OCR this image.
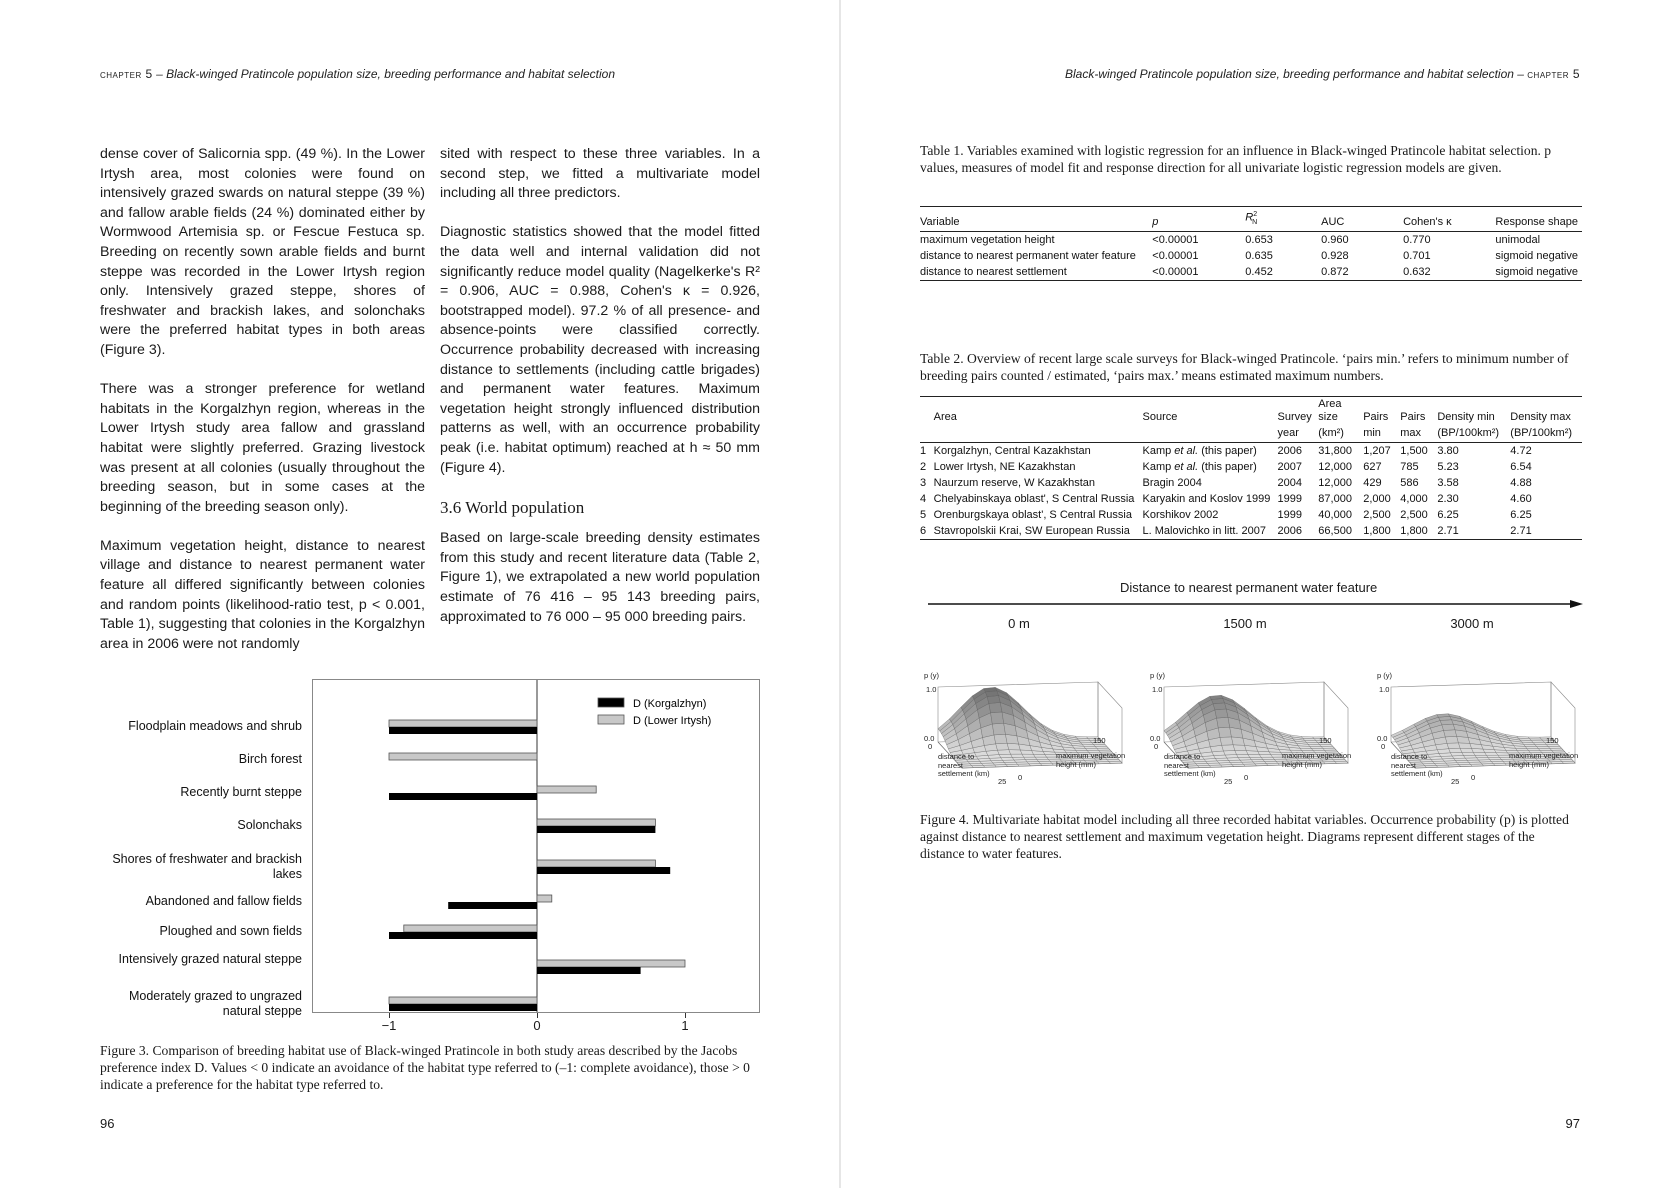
chapter 5 – Black-winged Pratincole population size, breeding performance and habitat selection

dense cover of Salicornia spp. (49 %). In the Lower Irtysh area, most colonies were found on intensively grazed swards on natural steppe (39 %) and fallow arable fields (24 %) dominated either by Wormwood Artemisia sp. or Fescue Festuca sp. Breeding on recently sown arable fields and burnt steppe was recorded in the Lower Irtysh region only. Intensively grazed steppe, shores of freshwater and brackish lakes, and solonchaks were the preferred habitat types in both areas (Figure 3).

There was a stronger preference for wetland habitats in the Korgalzhyn region, whereas in the Lower Irtysh study area fallow and grassland habitat were slightly preferred. Grazing livestock was present at all colonies (usually throughout the breeding season, but in some cases at the beginning of the breeding season only).

Maximum vegetation height, distance to nearest village and distance to nearest permanent water feature all differed significantly between colonies and random points (likelihood-ratio test, p < 0.001, Table 1), suggesting that colonies in the Korgalzhyn area in 2006 were not randomly

sited with respect to these three variables. In a second step, we fitted a multivariate model including all three predictors.

Diagnostic statistics showed that the model fitted the data well and internal validation did not significantly reduce model quality (Nagelkerke's R² = 0.906, AUC = 0.988, Cohen's κ = 0.926, bootstrapped model). 97.2 % of all presence- and absence-points were classified correctly. Occurrence probability decreased with increasing distance to settlements (including cattle brigades) and permanent water features. Maximum vegetation height strongly influenced distribution patterns as well, with an occurrence probability peak (i.e. habitat optimum) reached at h ≈ 50 mm (Figure 4).

3.6 World population

Based on large-scale breeding density estimates from this study and recent literature data (Table 2, Figure 1), we extrapolated a new world population estimate of 76 416 – 95 143 breeding pairs, approximated to 76 000 – 95 000 breeding pairs.

Floodplain meadows and shrub
Birch forest
Recently burnt steppe
Solonchaks
Shores of freshwater and brackish lakes
Abandoned and fallow fields
Ploughed and sown fields
Intensively grazed natural steppe
Moderately grazed to ungrazed natural steppe
D (Korgalzhyn)
D (Lower Irtysh)
−1	0	1
Figure 3. Comparison of breeding habitat use of Black-winged Pratincole in both study areas described by the Jacobs preference index D. Values < 0 indicate an avoidance of the habitat type referred to (–1: complete avoidance), those > 0 indicate a preference for the habitat type referred to.
96
Black-winged Pratincole population size, breeding performance and habitat selection – chapter 5
97
Table 1. Variables examined with logistic regression for an influence in Black-winged Pratincole habitat selection. p values, measures of model fit and response direction for all univariate logistic regression models are given.
Variable	p	$R^2_N$	AUC	Cohen's κ	Response shape
maximum vegetation height	<0.00001	0.653	0.960	0.770	unimodal
distance to nearest permanent water feature	<0.00001	0.635	0.928	0.701	sigmoid negative
distance to nearest settlement	<0.00001	0.452	0.872	0.632	sigmoid negative
Table 2. Overview of recent large scale surveys for Black-winged Pratincole. ‘pairs min.’ refers to minimum number of breeding pairs counted / estimated, ‘pairs max.’ means estimated maximum numbers.
	Area	Source	Survey	Area size	Pairs	Pairs	Density min	Density max
			year	(km²)	min	max	(BP/100km²)	(BP/100km²)
1	Korgalzhyn, Central Kazakhstan	Kamp et al. (this paper)	2006	31,800	1,207	1,500	3.80	4.72
2	Lower Irtysh, NE Kazakhstan	Kamp et al. (this paper)	2007	12,000	627	785	5.23	6.54
3	Naurzum reserve, W Kazakhstan	Bragin 2004	2004	12,000	429	586	3.58	4.88
4	Chelyabinskaya oblast', S Central Russia	Karyakin and Koslov 1999	1999	87,000	2,000	4,000	2.30	4.60
5	Orenburgskaya oblast', S Central Russia	Korshikov 2002	1999	40,000	2,500	2,500	6.25	6.25
6	Stavropolskii Krai, SW European Russia	L. Malovichko in litt. 2007	2006	66,500	1,800	1,800	2.71	2.71
Distance to nearest permanent water feature
0 m
p (y)
1.0
0.0
0
distance to nearest settlement (km)
25 0
maximum vegetation height (mm)
150
1500 m
p (y)
1.0
0.0
0
distance to nearest settlement (km)
25 0
maximum vegetation height (mm)
150
3000 m
p (y)
1.0
0.0
0
distance to nearest settlement (km)
25 0
maximum vegetation height (mm)
150
Figure 4. Multivariate habitat model including all three recorded habitat variables. Occurrence probability (p) is plotted against distance to nearest settlement and maximum vegetation height. Diagrams represent different stages of the distance to water features.
